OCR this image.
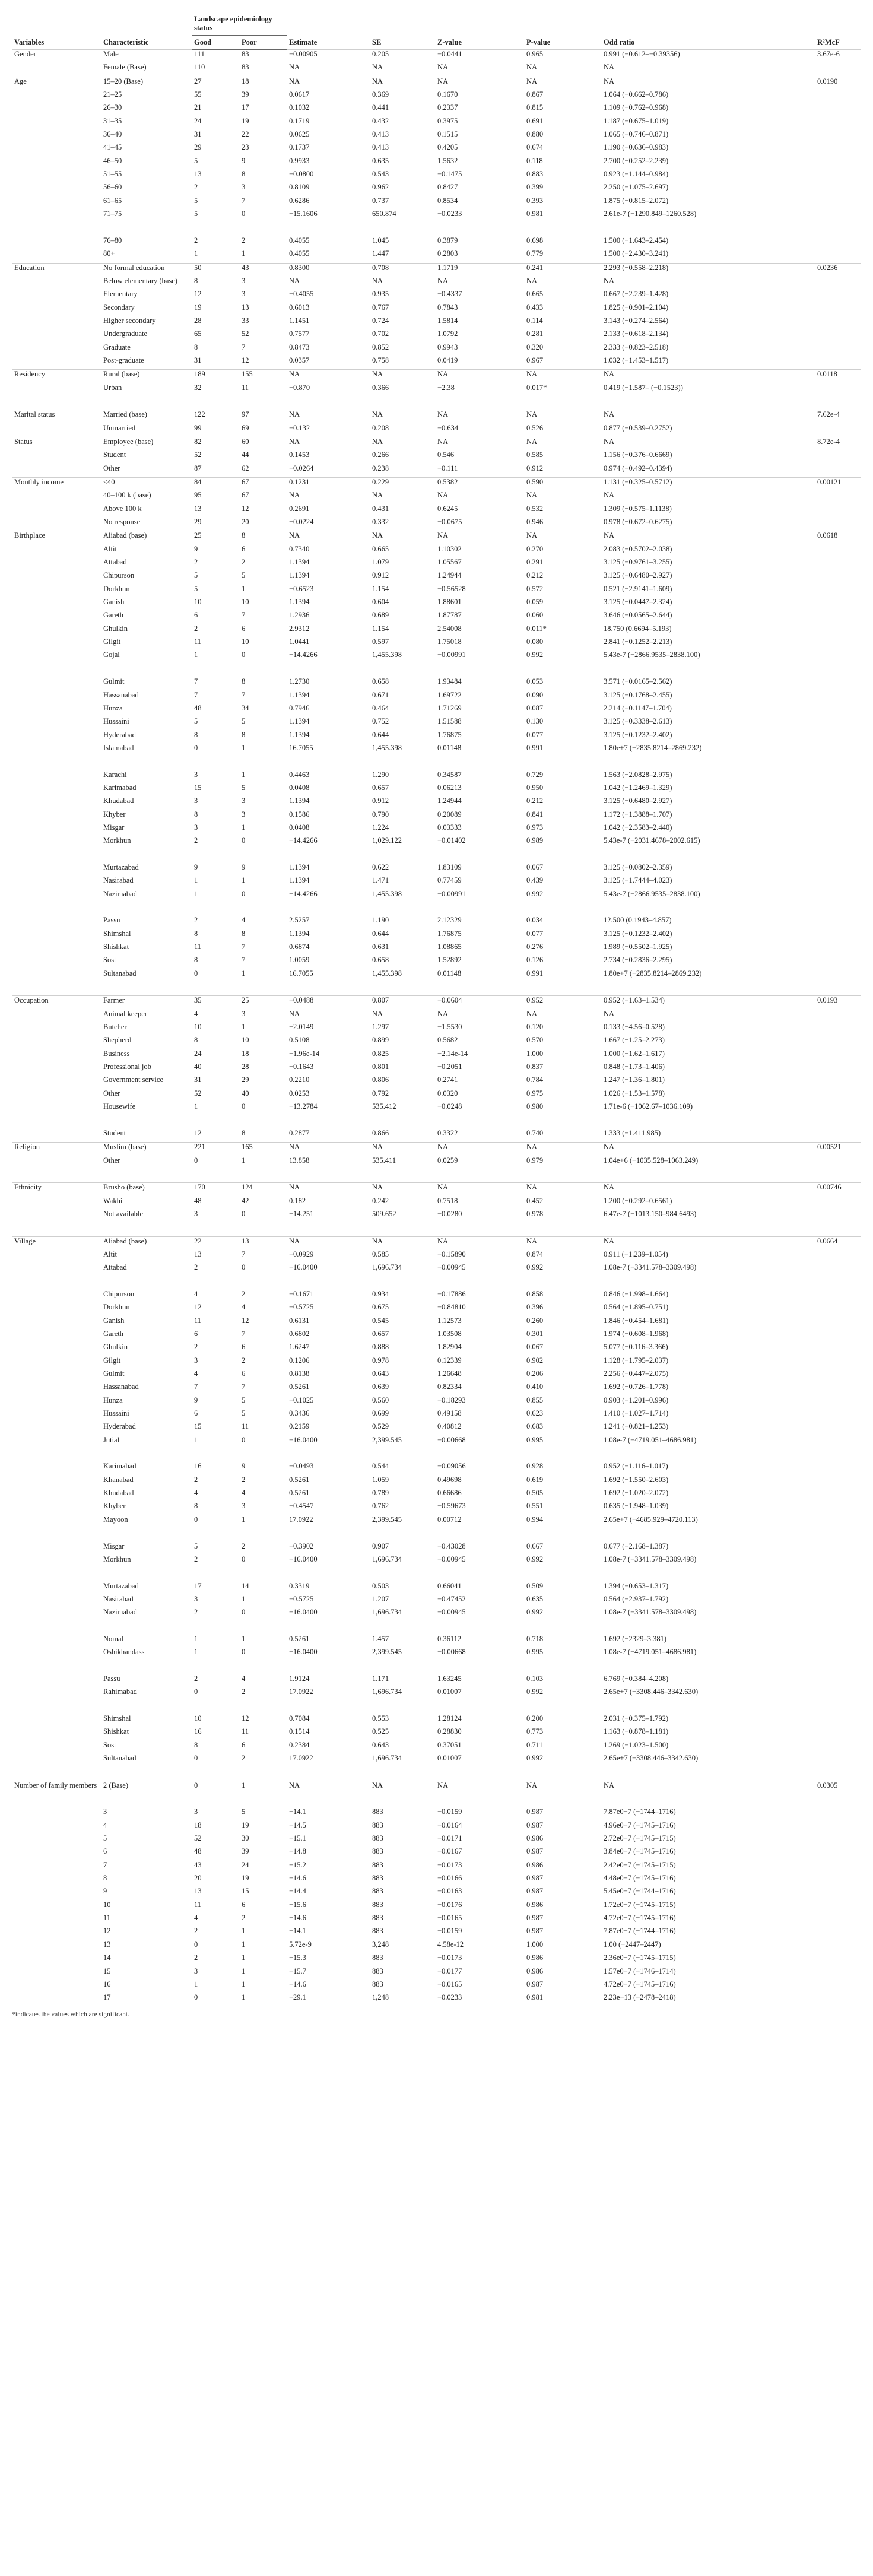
Variables	Characteristic	Landscape epidemiology status		Estimate	SE	Z-value	P-value	Odd ratio	R²McF
		Good	Poor						
Gender	Male	111	83	−0.00905	0.205	−0.0441	0.965	0.991 (−0.612–−0.39356)	3.67e-6
	Female (Base)	110	83	NA	NA	NA	NA	NA	
Age	15–20 (Base)	27	18	NA	NA	NA	NA	NA	0.0190
	21–25	55	39	0.0617	0.369	0.1670	0.867	1.064 (−0.662–0.786)	
	26–30	21	17	0.1032	0.441	0.2337	0.815	1.109 (−0.762–0.968)	
	31–35	24	19	0.1719	0.432	0.3975	0.691	1.187 (−0.675–1.019)	
	36–40	31	22	0.0625	0.413	0.1515	0.880	1.065 (−0.746–0.871)	
	41–45	29	23	0.1737	0.413	0.4205	0.674	1.190 (−0.636–0.983)	
	46–50	5	9	0.9933	0.635	1.5632	0.118	2.700 (−0.252–2.239)	
	51–55	13	8	−0.0800	0.543	−0.1475	0.883	0.923 (−1.144–0.984)	
	56–60	2	3	0.8109	0.962	0.8427	0.399	2.250 (−1.075–2.697)	
	61–65	5	7	0.6286	0.737	0.8534	0.393	1.875 (−0.815–2.072)	
	71–75	5	0	−15.1606	650.874	−0.0233	0.981	2.61e-7 (−1290.849–1260.528)	
	76–80	2	2	0.4055	1.045	0.3879	0.698	1.500 (−1.643–2.454)	
	80+	1	1	0.4055	1.447	0.2803	0.779	1.500 (−2.430–3.241)	
Education	No formal education	50	43	0.8300	0.708	1.1719	0.241	2.293 (−0.558–2.218)	0.0236
	Below elementary (base)	8	3	NA	NA	NA	NA	NA	
	Elementary	12	3	−0.4055	0.935	−0.4337	0.665	0.667 (−2.239–1.428)	
	Secondary	19	13	0.6013	0.767	0.7843	0.433	1.825 (−0.901–2.104)	
	Higher secondary	28	33	1.1451	0.724	1.5814	0.114	3.143 (−0.274–2.564)	
	Undergraduate	65	52	0.7577	0.702	1.0792	0.281	2.133 (−0.618–2.134)	
	Graduate	8	7	0.8473	0.852	0.9943	0.320	2.333 (−0.823–2.518)	
	Post-graduate	31	12	0.0357	0.758	0.0419	0.967	1.032 (−1.453–1.517)	
Residency	Rural (base)	189	155	NA	NA	NA	NA	NA	0.0118
	Urban	32	11	−0.870	0.366	−2.38	0.017*	0.419 (−1.587– (−0.1523))	
Marital status	Married (base)	122	97	NA	NA	NA	NA	NA	7.62e-4
	Unmarried	99	69	−0.132	0.208	−0.634	0.526	0.877 (−0.539–0.2752)	
Status	Employee (base)	82	60	NA	NA	NA	NA	NA	8.72e-4
	Student	52	44	0.1453	0.266	0.546	0.585	1.156 (−0.376–0.6669)	
	Other	87	62	−0.0264	0.238	−0.111	0.912	0.974 (−0.492–0.4394)	
Monthly income	<40	84	67	0.1231	0.229	0.5382	0.590	1.131 (−0.325–0.5712)	0.00121
	40–100 k (base)	95	67	NA	NA	NA	NA	NA	
	Above 100 k	13	12	0.2691	0.431	0.6245	0.532	1.309 (−0.575–1.1138)	
	No response	29	20	−0.0224	0.332	−0.0675	0.946	0.978 (−0.672–0.6275)	
Birthplace	Aliabad (base)	25	8	NA	NA	NA	NA	NA	0.0618
	Altit	9	6	0.7340	0.665	1.10302	0.270	2.083 (−0.5702–2.038)	
	Attabad	2	2	1.1394	1.079	1.05567	0.291	3.125 (−0.9761–3.255)	
	Chipurson	5	5	1.1394	0.912	1.24944	0.212	3.125 (−0.6480–2.927)	
	Dorkhun	5	1	−0.6523	1.154	−0.56528	0.572	0.521 (−2.9141–1.609)	
	Ganish	10	10	1.1394	0.604	1.88601	0.059	3.125 (−0.0447–2.324)	
	Gareth	6	7	1.2936	0.689	1.87787	0.060	3.646 (−0.0565–2.644)	
	Ghulkin	2	6	2.9312	1.154	2.54008	0.011*	18.750 (0.6694–5.193)	
	Gilgit	11	10	1.0441	0.597	1.75018	0.080	2.841 (−0.1252–2.213)	
	Gojal	1	0	−14.4266	1,455.398	−0.00991	0.992	5.43e-7 (−2866.9535–2838.100)	
	Gulmit	7	8	1.2730	0.658	1.93484	0.053	3.571 (−0.0165–2.562)	
	Hassanabad	7	7	1.1394	0.671	1.69722	0.090	3.125 (−0.1768–2.455)	
	Hunza	48	34	0.7946	0.464	1.71269	0.087	2.214 (−0.1147–1.704)	
	Hussaini	5	5	1.1394	0.752	1.51588	0.130	3.125 (−0.3338–2.613)	
	Hyderabad	8	8	1.1394	0.644	1.76875	0.077	3.125 (−0.1232–2.402)	
	Islamabad	0	1	16.7055	1,455.398	0.01148	0.991	1.80e+7 (−2835.8214–2869.232)	
	Karachi	3	1	0.4463	1.290	0.34587	0.729	1.563 (−2.0828–2.975)	
	Karimabad	15	5	0.0408	0.657	0.06213	0.950	1.042 (−1.2469–1.329)	
	Khudabad	3	3	1.1394	0.912	1.24944	0.212	3.125 (−0.6480–2.927)	
	Khyber	8	3	0.1586	0.790	0.20089	0.841	1.172 (−1.3888–1.707)	
	Misgar	3	1	0.0408	1.224	0.03333	0.973	1.042 (−2.3583–2.440)	
	Morkhun	2	0	−14.4266	1,029.122	−0.01402	0.989	5.43e-7 (−2031.4678–2002.615)	
	Murtazabad	9	9	1.1394	0.622	1.83109	0.067	3.125 (−0.0802–2.359)	
	Nasirabad	1	1	1.1394	1.471	0.77459	0.439	3.125 (−1.7444–4.023)	
	Nazimabad	1	0	−14.4266	1,455.398	−0.00991	0.992	5.43e-7 (−2866.9535–2838.100)	
	Passu	2	4	2.5257	1.190	2.12329	0.034	12.500 (0.1943–4.857)	
	Shimshal	8	8	1.1394	0.644	1.76875	0.077	3.125 (−0.1232–2.402)	
	Shishkat	11	7	0.6874	0.631	1.08865	0.276	1.989 (−0.5502–1.925)	
	Sost	8	7	1.0059	0.658	1.52892	0.126	2.734 (−0.2836–2.295)	
	Sultanabad	0	1	16.7055	1,455.398	0.01148	0.991	1.80e+7 (−2835.8214–2869.232)	
Occupation	Farmer	35	25	−0.0488	0.807	−0.0604	0.952	0.952 (−1.63–1.534)	0.0193
	Animal keeper	4	3	NA	NA	NA	NA	NA	
	Butcher	10	1	−2.0149	1.297	−1.5530	0.120	0.133 (−4.56–0.528)	
	Shepherd	8	10	0.5108	0.899	0.5682	0.570	1.667 (−1.25–2.273)	
	Business	24	18	−1.96e-14	0.825	−2.14e-14	1.000	1.000 (−1.62–1.617)	
	Professional job	40	28	−0.1643	0.801	−0.2051	0.837	0.848 (−1.73–1.406)	
	Government service	31	29	0.2210	0.806	0.2741	0.784	1.247 (−1.36–1.801)	
	Other	52	40	0.0253	0.792	0.0320	0.975	1.026 (−1.53–1.578)	
	Housewife	1	0	−13.2784	535.412	−0.0248	0.980	1.71e-6 (−1062.67–1036.109)	
	Student	12	8	0.2877	0.866	0.3322	0.740	1.333 (−1.411.985)	
Religion	Muslim (base)	221	165	NA	NA	NA	NA	NA	0.00521
	Other	0	1	13.858	535.411	0.0259	0.979	1.04e+6 (−1035.528–1063.249)	
Ethnicity	Brusho (base)	170	124	NA	NA	NA	NA	NA	0.00746
	Wakhi	48	42	0.182	0.242	0.7518	0.452	1.200 (−0.292–0.6561)	
	Not available	3	0	−14.251	509.652	−0.0280	0.978	6.47e-7 (−1013.150–984.6493)	
Village	Aliabad (base)	22	13	NA	NA	NA	NA	NA	0.0664
	Altit	13	7	−0.0929	0.585	−0.15890	0.874	0.911 (−1.239–1.054)	
	Attabad	2	0	−16.0400	1,696.734	−0.00945	0.992	1.08e-7 (−3341.578–3309.498)	
	Chipurson	4	2	−0.1671	0.934	−0.17886	0.858	0.846 (−1.998–1.664)	
	Dorkhun	12	4	−0.5725	0.675	−0.84810	0.396	0.564 (−1.895–0.751)	
	Ganish	11	12	0.6131	0.545	1.12573	0.260	1.846 (−0.454–1.681)	
	Gareth	6	7	0.6802	0.657	1.03508	0.301	1.974 (−0.608–1.968)	
	Ghulkin	2	6	1.6247	0.888	1.82904	0.067	5.077 (−0.116–3.366)	
	Gilgit	3	2	0.1206	0.978	0.12339	0.902	1.128 (−1.795–2.037)	
	Gulmit	4	6	0.8138	0.643	1.26648	0.206	2.256 (−0.447–2.075)	
	Hassanabad	7	7	0.5261	0.639	0.82334	0.410	1.692 (−0.726–1.778)	
	Hunza	9	5	−0.1025	0.560	−0.18293	0.855	0.903 (−1.201–0.996)	
	Hussaini	6	5	0.3436	0.699	0.49158	0.623	1.410 (−1.027–1.714)	
	Hyderabad	15	11	0.2159	0.529	0.40812	0.683	1.241 (−0.821–1.253)	
	Jutial	1	0	−16.0400	2,399.545	−0.00668	0.995	1.08e-7 (−4719.051–4686.981)	
	Karimabad	16	9	−0.0493	0.544	−0.09056	0.928	0.952 (−1.116–1.017)	
	Khanabad	2	2	0.5261	1.059	0.49698	0.619	1.692 (−1.550–2.603)	
	Khudabad	4	4	0.5261	0.789	0.66686	0.505	1.692 (−1.020–2.072)	
	Khyber	8	3	−0.4547	0.762	−0.59673	0.551	0.635 (−1.948–1.039)	
	Mayoon	0	1	17.0922	2,399.545	0.00712	0.994	2.65e+7 (−4685.929–4720.113)	
	Misgar	5	2	−0.3902	0.907	−0.43028	0.667	0.677 (−2.168–1.387)	
	Morkhun	2	0	−16.0400	1,696.734	−0.00945	0.992	1.08e-7 (−3341.578–3309.498)	
	Murtazabad	17	14	0.3319	0.503	0.66041	0.509	1.394 (−0.653–1.317)	
	Nasirabad	3	1	−0.5725	1.207	−0.47452	0.635	0.564 (−2.937–1.792)	
	Nazimabad	2	0	−16.0400	1,696.734	−0.00945	0.992	1.08e-7 (−3341.578–3309.498)	
	Nomal	1	1	0.5261	1.457	0.36112	0.718	1.692 (−2329–3.381)	
	Oshikhandass	1	0	−16.0400	2,399.545	−0.00668	0.995	1.08e-7 (−4719.051–4686.981)	
	Passu	2	4	1.9124	1.171	1.63245	0.103	6.769 (−0.384–4.208)	
	Rahimabad	0	2	17.0922	1,696.734	0.01007	0.992	2.65e+7 (−3308.446–3342.630)	
	Shimshal	10	12	0.7084	0.553	1.28124	0.200	2.031 (−0.375–1.792)	
	Shishkat	16	11	0.1514	0.525	0.28830	0.773	1.163 (−0.878–1.181)	
	Sost	8	6	0.2384	0.643	0.37051	0.711	1.269 (−1.023–1.500)	
	Sultanabad	0	2	17.0922	1,696.734	0.01007	0.992	2.65e+7 (−3308.446–3342.630)	
Number of family members	2 (Base)	0	1	NA	NA	NA	NA	NA	0.0305
	3	3	5	−14.1	883	−0.0159	0.987	7.87e0−7 (−1744–1716)	
	4	18	19	−14.5	883	−0.0164	0.987	4.96e0−7 (−1745–1716)	
	5	52	30	−15.1	883	−0.0171	0.986	2.72e0−7 (−1745–1715)	
	6	48	39	−14.8	883	−0.0167	0.987	3.84e0−7 (−1745–1716)	
	7	43	24	−15.2	883	−0.0173	0.986	2.42e0−7 (−1745–1715)	
	8	20	19	−14.6	883	−0.0166	0.987	4.48e0−7 (−1745–1716)	
	9	13	15	−14.4	883	−0.0163	0.987	5.45e0−7 (−1744–1716)	
	10	11	6	−15.6	883	−0.0176	0.986	1.72e0−7 (−1745–1715)	
	11	4	2	−14.6	883	−0.0165	0.987	4.72e0−7 (−1745–1716)	
	12	2	1	−14.1	883	−0.0159	0.987	7.87e0−7 (−1744–1716)	
	13	0	1	5.72e-9	3,248	4.58e-12	1.000	1.00 (−2447–2447)	
	14	2	1	−15.3	883	−0.0173	0.986	2.36e0−7 (−1745–1715)	
	15	3	1	−15.7	883	−0.0177	0.986	1.57e0−7 (−1746–1714)	
	16	1	1	−14.6	883	−0.0165	0.987	4.72e0−7 (−1745–1716)	
	17	0	1	−29.1	1,248	−0.0233	0.981	2.23e−13 (−2478–2418)	
*indicates the values which are significant.
